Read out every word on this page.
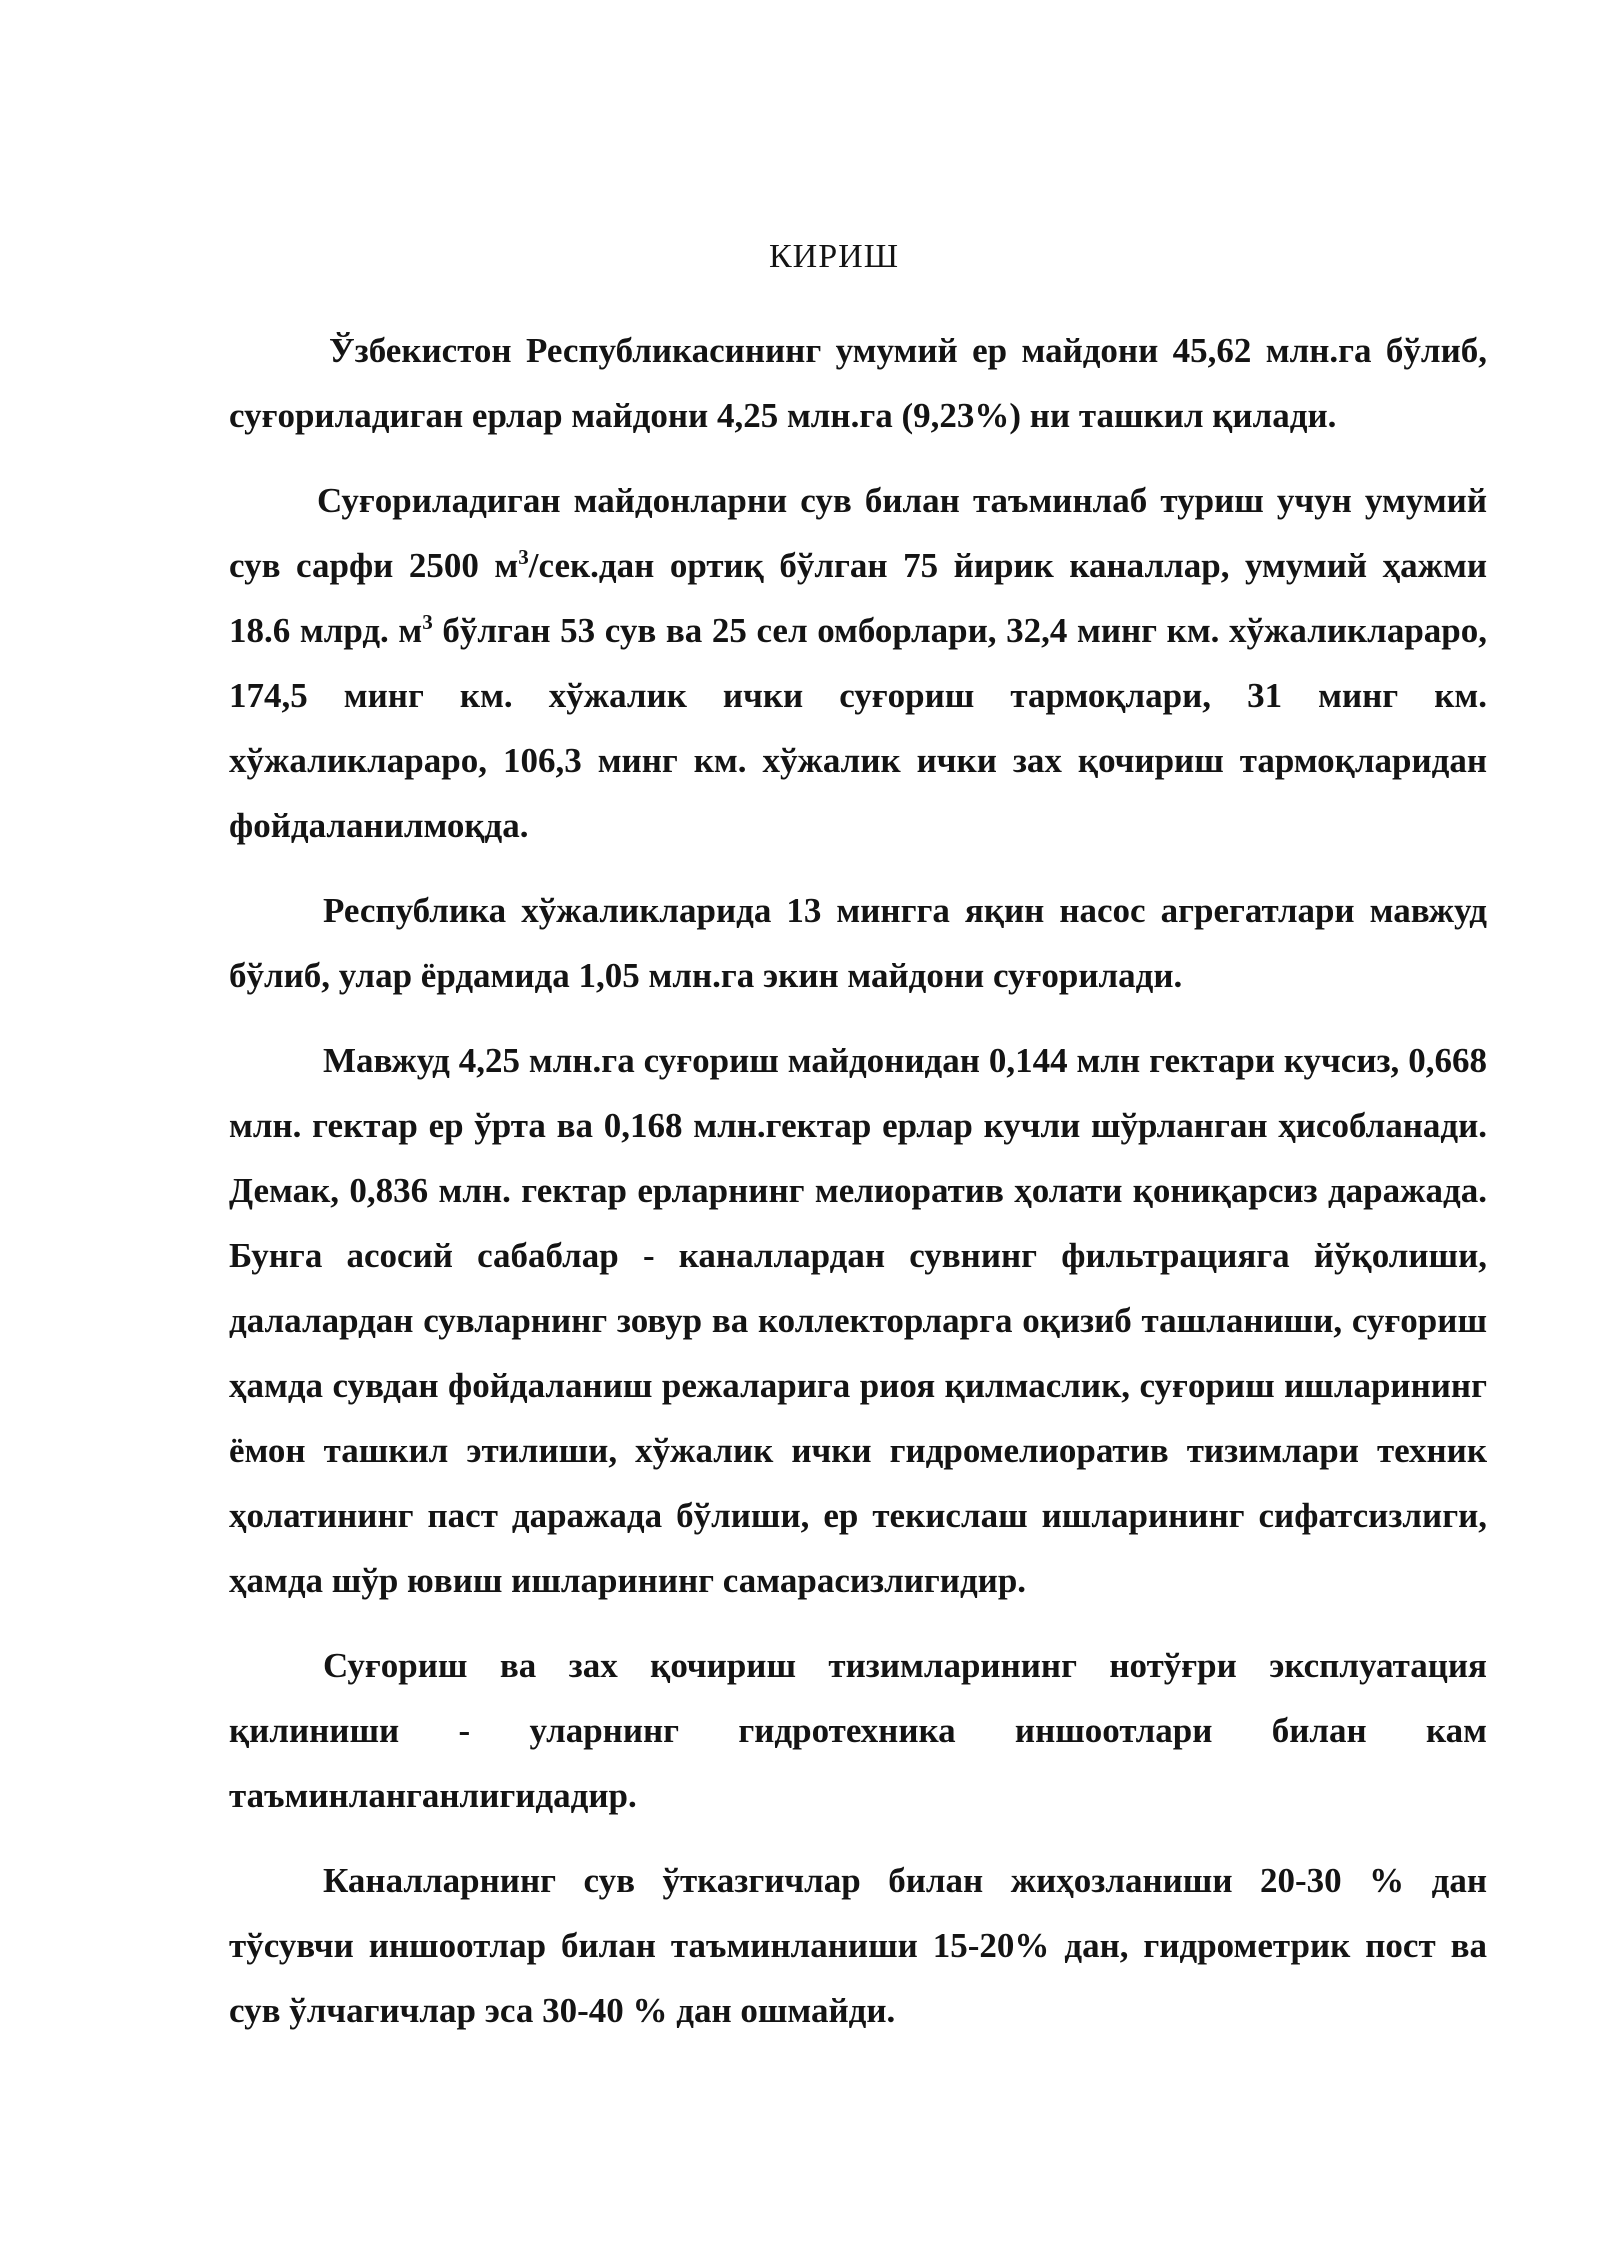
КИРИШ

Ўзбекистон Республикасининг умумий ер майдони 45,62 млн.га бўлиб, суғориладиган ерлар майдони 4,25 млн.га (9,23%) ни ташкил қилади.

Суғориладиган майдонларни сув билан таъминлаб туриш учун умумий сув сарфи 2500 $м^3/сек.дан$ ортиқ бўлган 75 йирик каналлар, умумий ҳажми 18.6 млрд. $м^3$ бўлган 53 сув ва 25 сел омборлари, 32,4 минг км. хўжаликлараро, 174,5 минг км. хўжалик ички суғориш тармоқлари, 31 минг км. хўжаликлараро, 106,3 минг км. хўжалик ички зах қочириш тармоқларидан фойдаланилмоқда.

Республика хўжаликларида 13 мингга яқин насос агрегатлари мавжуд бўлиб, улар ёрдамида 1,05 млн.га экин майдони суғорилади.

Мавжуд 4,25 млн.га суғориш майдонидан 0,144 млн гектари кучсиз, 0,668 млн. гектар ер ўрта ва 0,168 млн.гектар ерлар кучли шўрланган ҳисобланади. Демак, 0,836 млн. гектар ерларнинг мелиоратив ҳолати қониқарсиз даражада. Бунга асосий сабаблар - каналлардан сувнинг фильтрацияга йўқолиши, далалардан сувларнинг зовур ва коллекторларга оқизиб ташланиши, суғориш ҳамда сувдан фойдаланиш режаларига риоя қилмаслик, суғориш ишларининг ёмон ташкил этилиши, хўжалик ички гидромелиоратив тизимлари техник ҳолатининг паст даражада бўлиши, ер текислаш ишларининг сифатсизлиги, ҳамда шўр ювиш ишларининг самарасизлигидир.

Суғориш ва зах қочириш тизимларининг нотўғри эксплуатация қилиниши - уларнинг гидротехника иншоотлари билан кам таъминланганлигидадир.

Каналларнинг сув ўтказгичлар билан жиҳозланиши 20-30 % дан тўсувчи иншоотлар билан таъминланиши 15-20% дан, гидрометрик пост ва сув ўлчагичлар эса 30-40 % дан ошмайди.
